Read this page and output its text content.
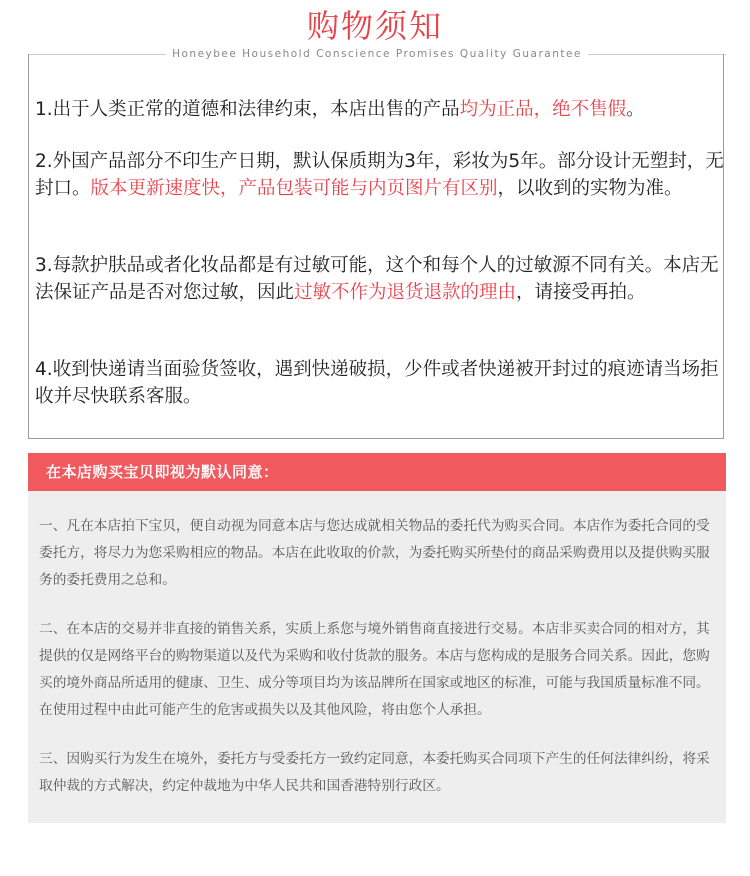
购物须知
Honeybee Household Conscience Promises Quality Guarantee
1.出于人类正常的道德和法律约束，本店出售的产品均为正品，绝不售假。
2.外国产品部分不印生产日期，默认保质期为3年，彩妆为5年。部分设计无塑封，无封口。版本更新速度快，产品包装可能与内页图片有区别，以收到的实物为准。
3.每款护肤品或者化妆品都是有过敏可能，这个和每个人的过敏源不同有关。本店无法保证产品是否对您过敏，因此过敏不作为退货退款的理由，请接受再拍。
4.收到快递请当面验货签收，遇到快递破损，少件或者快递被开封过的痕迹请当场拒收并尽快联系客服。
在本店购买宝贝即视为默认同意：
一、凡在本店拍下宝贝，便自动视为同意本店与您达成就相关物品的委托代为购买合同。本店作为委托合同的受委托方，将尽力为您采购相应的物品。本店在此收取的价款，为委托购买所垫付的商品采购费用以及提供购买服务的委托费用之总和。
二、在本店的交易并非直接的销售关系，实质上系您与境外销售商直接进行交易。本店非买卖合同的相对方，其提供的仅是网络平台的购物渠道以及代为采购和收付货款的服务。本店与您构成的是服务合同关系。因此，您购买的境外商品所适用的健康、卫生、成分等项目均为该品牌所在国家或地区的标准，可能与我国质量标准不同。在使用过程中由此可能产生的危害或损失以及其他风险，将由您个人承担。
三、因购买行为发生在境外，委托方与受委托方一致约定同意，本委托购买合同项下产生的任何法律纠纷，将采取仲裁的方式解决，约定仲裁地为中华人民共和国香港特别行政区。
